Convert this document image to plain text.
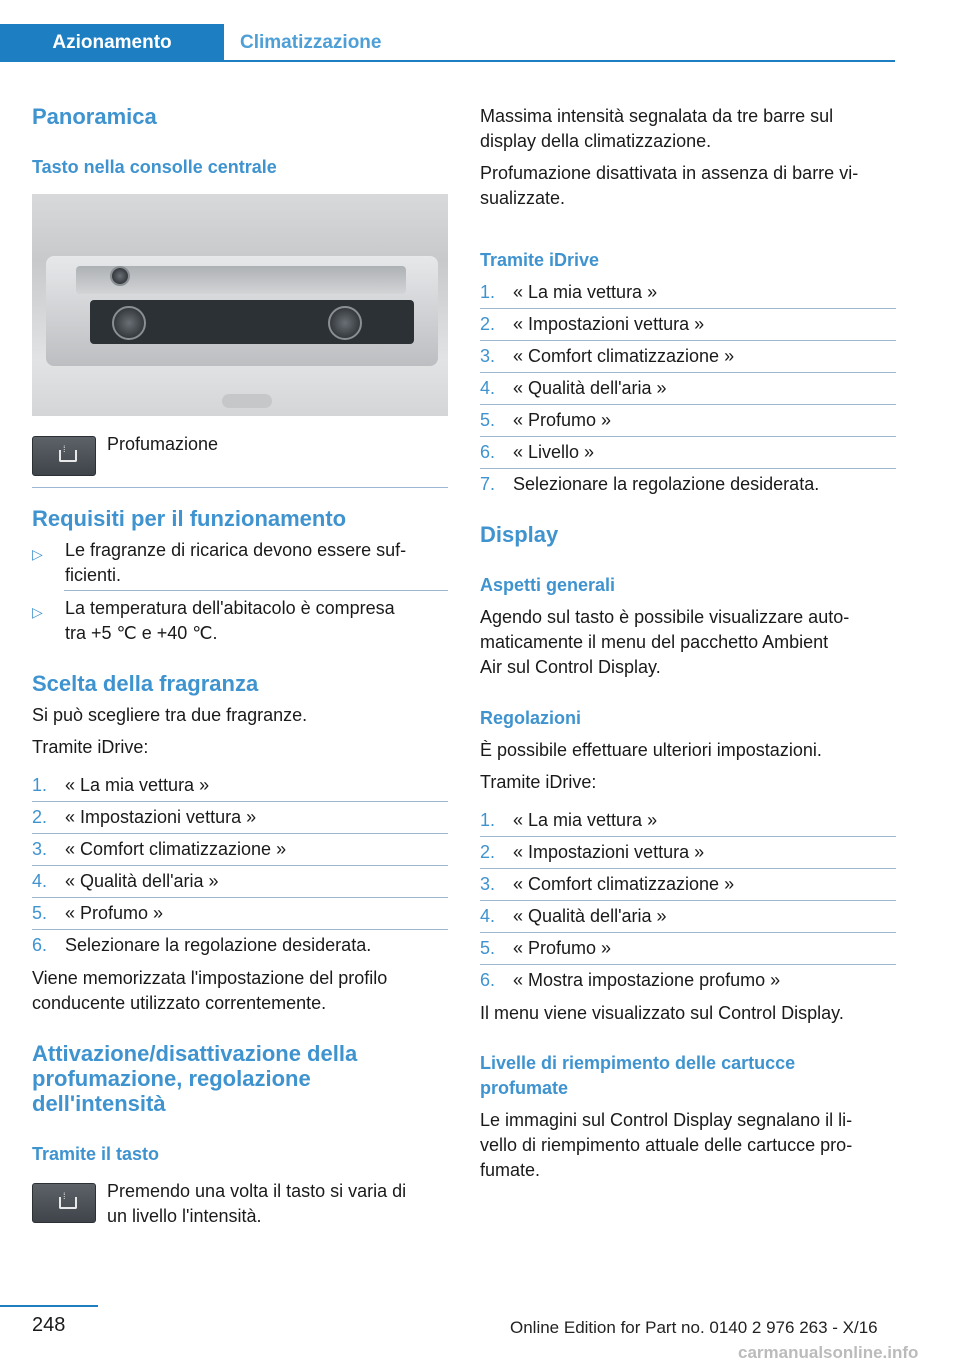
Azionamento	Climatizzazione
Panoramica
Tasto nella consolle centrale
⁞ Profumazione
Requisiti per il funzionamento
▷ Le fragranze di ricarica devono essere suf‐
ficienti.
▷ La temperatura dell'abitacolo è compresa
tra +5 ℃ e +40 ℃.
Scelta della fragranza
Si può scegliere tra due fragranze.
Tramite iDrive:
1. « La mia vettura »
2. « Impostazioni vettura »
3. « Comfort climatizzazione »
4. « Qualità dell'aria »
5. « Profumo »
6. Selezionare la regolazione desiderata.
Viene memorizzata l'impostazione del profilo
conducente utilizzato correntemente.
Attivazione/disattivazione della
profumazione, regolazione
dell'intensità
Tramite il tasto
⁞ Premendo una volta il tasto si varia di
un livello l'intensità.
Massima intensità segnalata da tre barre sul
display della climatizzazione.
Profumazione disattivata in assenza di barre vi‐
sualizzate.
Tramite iDrive
1. « La mia vettura »
2. « Impostazioni vettura »
3. « Comfort climatizzazione »
4. « Qualità dell'aria »
5. « Profumo »
6. « Livello »
7. Selezionare la regolazione desiderata.
Display
Aspetti generali
Agendo sul tasto è possibile visualizzare auto‐
maticamente il menu del pacchetto Ambient
Air sul Control Display.
Regolazioni
È possibile effettuare ulteriori impostazioni.
Tramite iDrive:
1. « La mia vettura »
2. « Impostazioni vettura »
3. « Comfort climatizzazione »
4. « Qualità dell'aria »
5. « Profumo »
6. « Mostra impostazione profumo »
Il menu viene visualizzato sul Control Display.
Livelle di riempimento delle cartucce
profumate
Le immagini sul Control Display segnalano il li‐
vello di riempimento attuale delle cartucce pro‐
fumate.
248	Online Edition for Part no. 0140 2 976 263 - X/16
carmanualsonline.info
